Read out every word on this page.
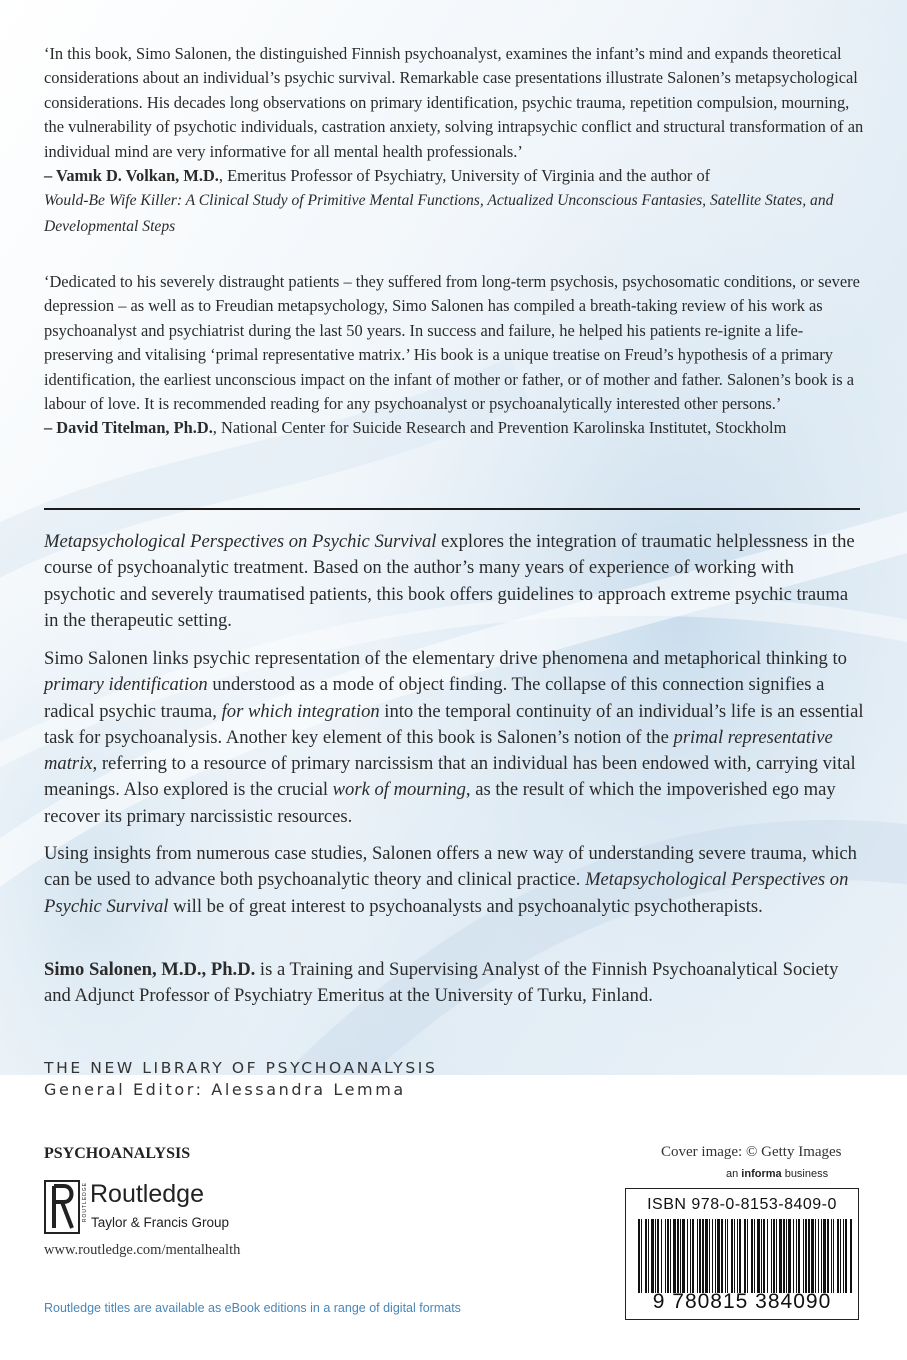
‘In this book, Simo Salonen, the distinguished Finnish psychoanalyst, examines the infant’s mind and expands theoretical considerations about an individual’s psychic survival. Remarkable case presentations illustrate Salonen’s metapsychological considerations. His decades long observations on primary identification, psychic trauma, repetition compulsion, mourning, the vulnerability of psychotic individuals, castration anxiety, solving intrapsychic conflict and structural transformation of an individual mind are very informative for all mental health professionals.’

– Vamık D. Volkan, M.D., Emeritus Professor of Psychiatry, University of Virginia and the author of
Would-Be Wife Killer: A Clinical Study of Primitive Mental Functions, Actualized Unconscious Fantasies, Satellite States, and Developmental Steps

‘Dedicated to his severely distraught patients – they suffered from long-term psychosis, psychosomatic conditions, or severe depression – as well as to Freudian metapsychology, Simo Salonen has compiled a breath-taking review of his work as psychoanalyst and psychiatrist during the last 50 years. In success and failure, he helped his patients re-ignite a life-preserving and vitalising ‘primal representative matrix.’ His book is a unique treatise on Freud’s hypothesis of a primary identification, the earliest unconscious impact on the infant of mother or father, or of mother and father. Salonen’s book is a labour of love. It is recommended reading for any psychoanalyst or psychoanalytically interested other persons.’

– David Titelman, Ph.D., National Center for Suicide Research and Prevention Karolinska Institutet, Stockholm

Metapsychological Perspectives on Psychic Survival explores the integration of traumatic helplessness in the course of psychoanalytic treatment. Based on the author’s many years of experience of working with psychotic and severely traumatised patients, this book offers guidelines to approach extreme psychic trauma in the therapeutic setting.

Simo Salonen links psychic representation of the elementary drive phenomena and metaphorical thinking to primary identification understood as a mode of object finding. The collapse of this connection signifies a radical psychic trauma, for which integration into the temporal continuity of an individual’s life is an essential task for psychoanalysis. Another key element of this book is Salonen’s notion of the primal representative matrix, referring to a resource of primary narcissism that an individual has been endowed with, carrying vital meanings. Also explored is the crucial work of mourning, as the result of which the impoverished ego may recover its primary narcissistic resources.

Using insights from numerous case studies, Salonen offers a new way of understanding severe trauma, which can be used to advance both psychoanalytic theory and clinical practice. Metapsychological Perspectives on Psychic Survival will be of great interest to psychoanalysts and psychoanalytic psychotherapists.

Simo Salonen, M.D., Ph.D. is a Training and Supervising Analyst of the Finnish Psychoanalytical Society and Adjunct Professor of Psychiatry Emeritus at the University of Turku, Finland.

THE NEW LIBRARY OF PSYCHOANALYSIS
General Editor: Alessandra Lemma
PSYCHOANALYSIS
ROUTLEDGE Routledge
Taylor & Francis Group
www.routledge.com/mentalhealth
Routledge titles are available as eBook editions in a range of digital formats
Cover image: © Getty Images
an informa business
ISBN 978-0-8153-8409-0
9 780815 384090
